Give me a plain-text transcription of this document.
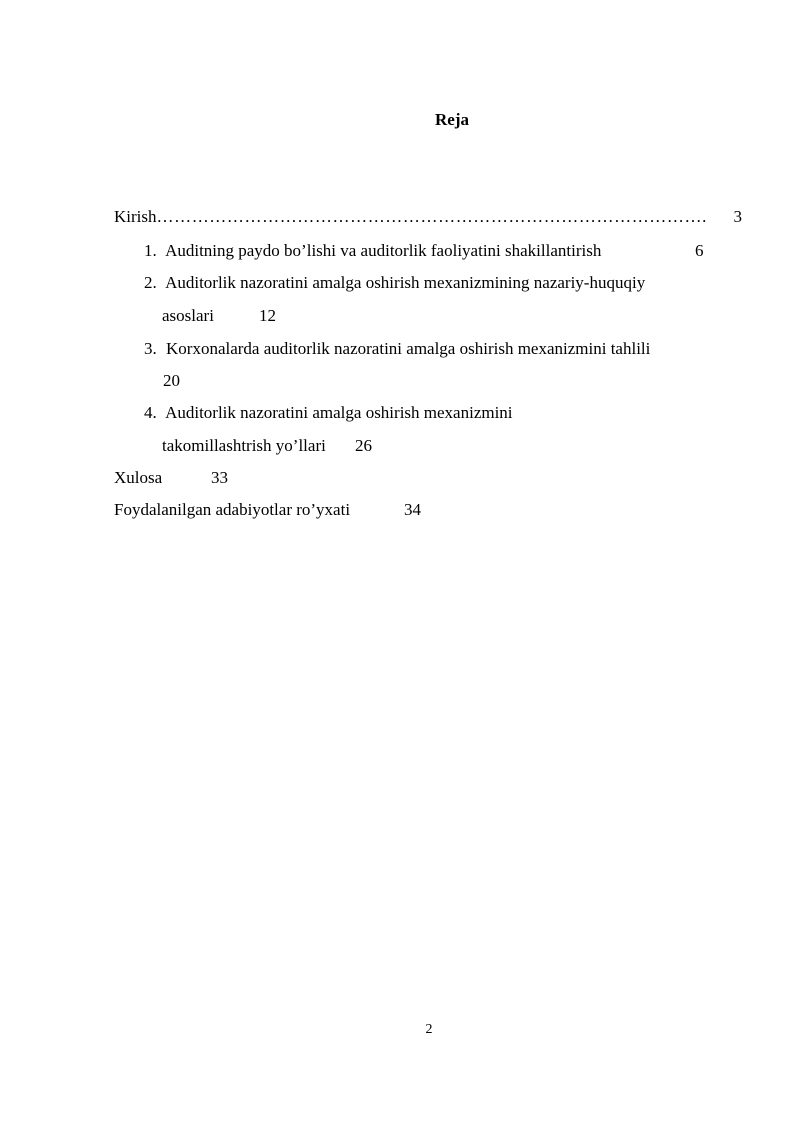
Reja
Kirish ………………………………………………………………………………….	3
1. Auditning paydo bo’lishi va auditorlik faoliyatini shakillantirish	6
2. Auditorlik nazoratini amalga oshirish mexanizmining nazariy-huquqiy
asoslari	12
3. Korxonalarda auditorlik nazoratini amalga oshirish mexanizmini tahlili
20
4. Auditorlik nazoratini amalga oshirish mexanizmini
takomillashtrish yo’llari 26
Xulosa	33
Foydalanilgan adabiyotlar ro’yxati	34
2
